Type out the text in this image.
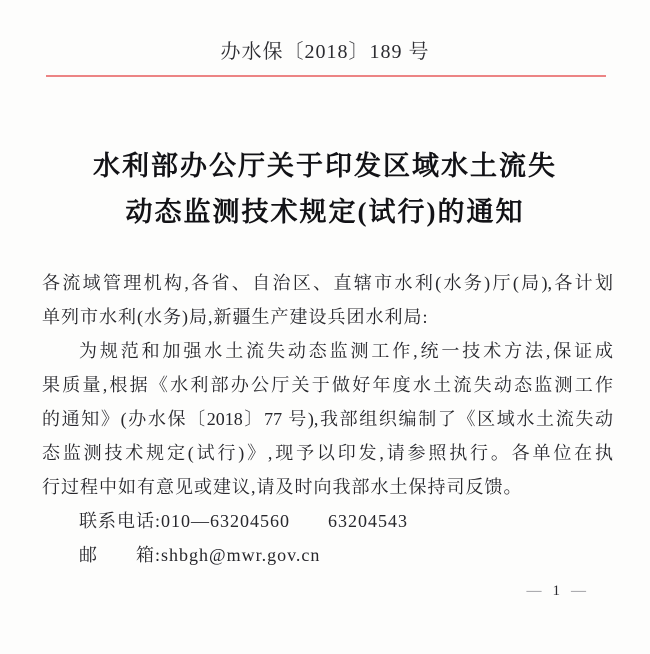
办水保〔2018〕189 号
水利部办公厅关于印发区域水土流失
动态监测技术规定(试行)的通知
各流域管理机构,各省、自治区、直辖市水利(水务)厅(局),各计划
单列市水利(水务)局,新疆生产建设兵团水利局:
为规范和加强水土流失动态监测工作,统一技术方法,保证成
果质量,根据《水利部办公厅关于做好年度水土流失动态监测工作
的通知》(办水保〔2018〕77 号),我部组织编制了《区域水土流失动
态监测技术规定(试行)》,现予以印发,请参照执行。各单位在执
行过程中如有意见或建议,请及时向我部水土保持司反馈。
联系电话:010—63204560　　63204543
邮　　箱:shbgh@mwr.gov.cn
— 1 —
